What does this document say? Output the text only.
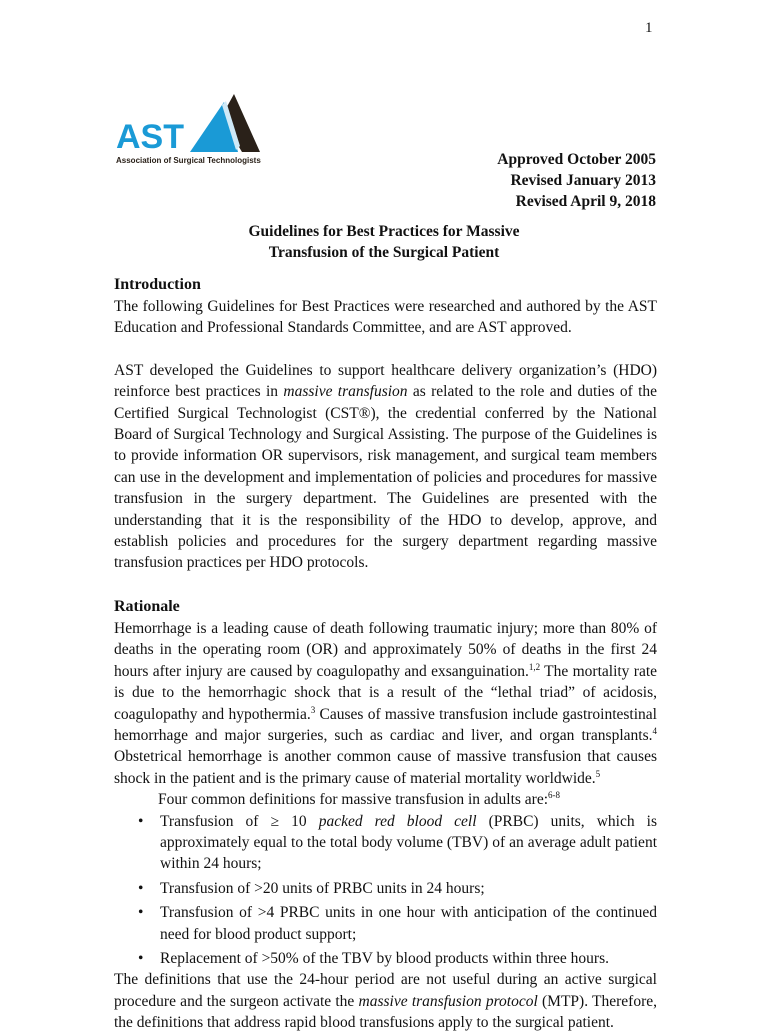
1
AST
Association of Surgical Technologists	Approved October 2005
Revised January 2013
Revised April 9, 2018
Guidelines for Best Practices for Massive
Transfusion of the Surgical Patient
Introduction

The following Guidelines for Best Practices were researched and authored by the AST Education and Professional Standards Committee, and are AST approved.

AST developed the Guidelines to support healthcare delivery organization’s (HDO) reinforce best practices in massive transfusion as related to the role and duties of the Certified Surgical Technologist (CST®), the credential conferred by the National Board of Surgical Technology and Surgical Assisting. The purpose of the Guidelines is to provide information OR supervisors, risk management, and surgical team members can use in the development and implementation of policies and procedures for massive transfusion in the surgery department. The Guidelines are presented with the understanding that it is the responsibility of the HDO to develop, approve, and establish policies and procedures for the surgery department regarding massive transfusion practices per HDO protocols.

Rationale

Hemorrhage is a leading cause of death following traumatic injury; more than 80% of deaths in the operating room (OR) and approximately 50% of deaths in the first 24 hours after injury are caused by coagulopathy and exsanguination.$^{1,2}$ The mortality rate is due to the hemorrhagic shock that is a result of the “lethal triad” of acidosis, coagulopathy and hypothermia.$^3$ Causes of massive transfusion include gastrointestinal hemorrhage and major surgeries, such as cardiac and liver, and organ transplants.$^4$ Obstetrical hemorrhage is another common cause of massive transfusion that causes shock in the patient and is the primary cause of material mortality worldwide.$^5$

Four common definitions for massive transfusion in adults are:$^{6-8}$

• Transfusion of ≥ 10 packed red blood cell (PRBC) units, which is approximately equal to the total body volume (TBV) of an average adult patient within 24 hours;
• Transfusion of >20 units of PRBC units in 24 hours;
• Transfusion of >4 PRBC units in one hour with anticipation of the continued need for blood product support;
• Replacement of >50% of the TBV by blood products within three hours.

The definitions that use the 24-hour period are not useful during an active surgical procedure and the surgeon activate the massive transfusion protocol (MTP). Therefore, the definitions that address rapid blood transfusions apply to the surgical patient.
